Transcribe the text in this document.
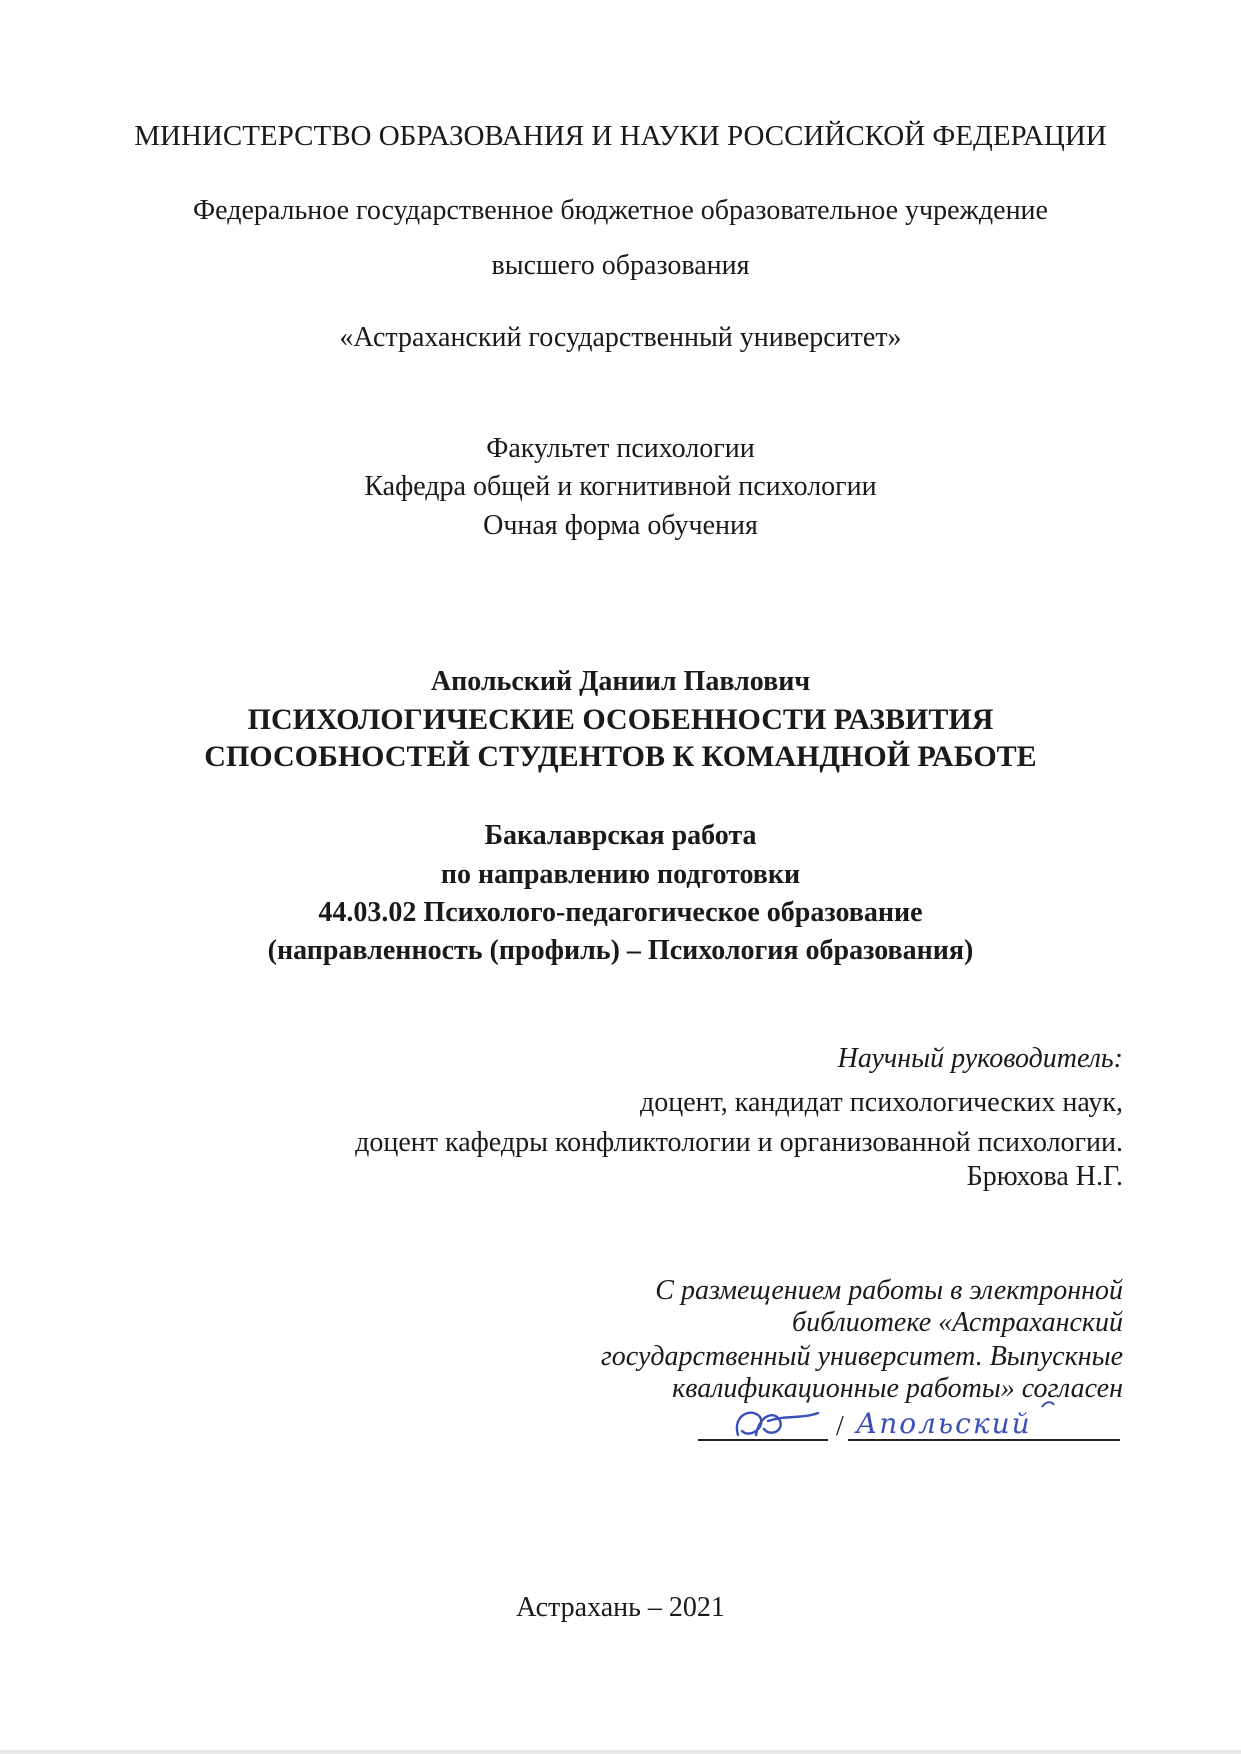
МИНИСТЕРСТВО ОБРАЗОВАНИЯ И НАУКИ РОССИЙСКОЙ ФЕДЕРАЦИИ
Федеральное государственное бюджетное образовательное учреждение
высшего образования
«Астраханский государственный университет»
Факультет психологии
Кафедра общей и когнитивной психологии
Очная форма обучения
Апольский Даниил Павлович
ПСИХОЛОГИЧЕСКИЕ ОСОБЕННОСТИ РАЗВИТИЯ
СПОСОБНОСТЕЙ СТУДЕНТОВ К КОМАНДНОЙ РАБОТЕ
Бакалаврская работа
по направлению подготовки
44.03.02 Психолого-педагогическое образование
(направленность (профиль) – Психология образования)
Научный руководитель:
доцент, кандидат психологических наук,
доцент кафедры конфликтологии и организованной психологии.
Брюхова Н.Г.
С размещением работы в электронной
библиотеке «Астраханский
государственный университет. Выпускные
квалификационные работы» согласен
/ Апольский
Астрахань – 2021
